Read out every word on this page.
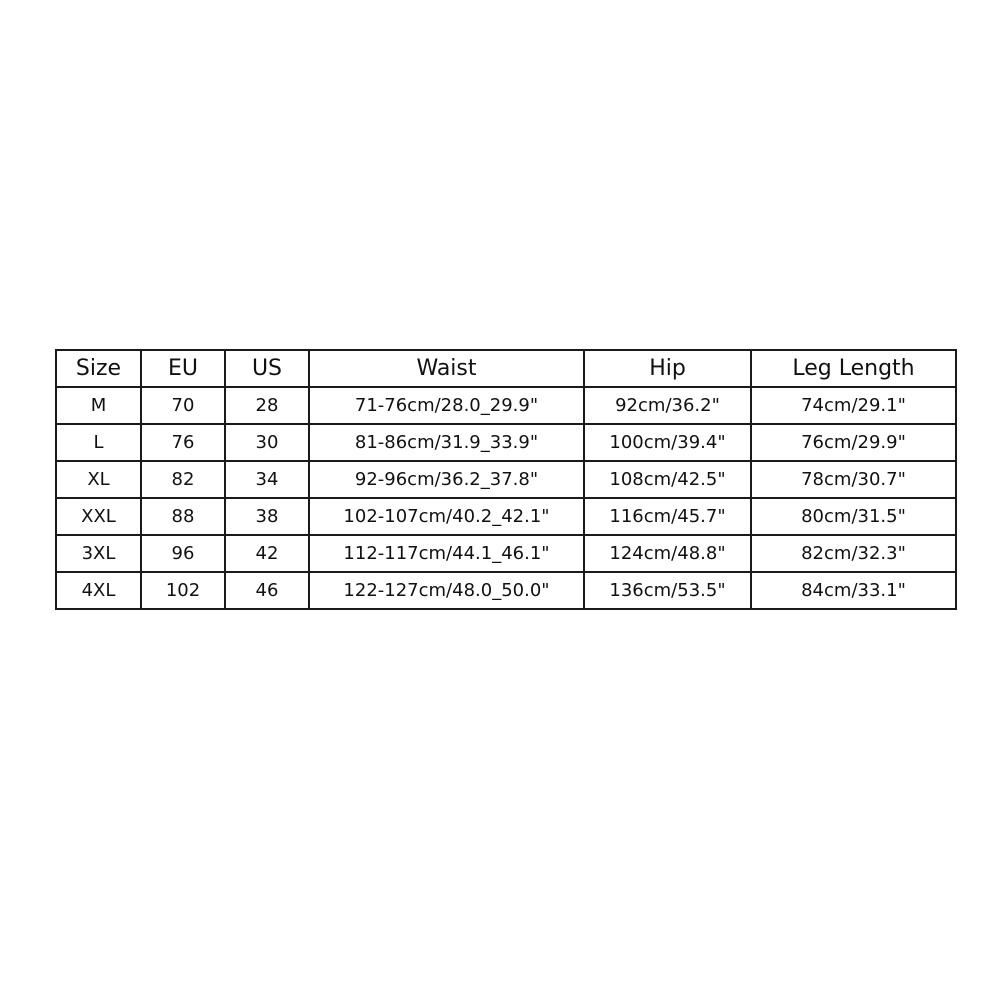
Size	EU	US	Waist	Hip	Leg Length
M	70	28	71-76cm/28.0_29.9"	92cm/36.2"	74cm/29.1"
L	76	30	81-86cm/31.9_33.9"	100cm/39.4"	76cm/29.9"
XL	82	34	92-96cm/36.2_37.8"	108cm/42.5"	78cm/30.7"
XXL	88	38	102-107cm/40.2_42.1"	116cm/45.7"	80cm/31.5"
3XL	96	42	112-117cm/44.1_46.1"	124cm/48.8"	82cm/32.3"
4XL	102	46	122-127cm/48.0_50.0"	136cm/53.5"	84cm/33.1"
